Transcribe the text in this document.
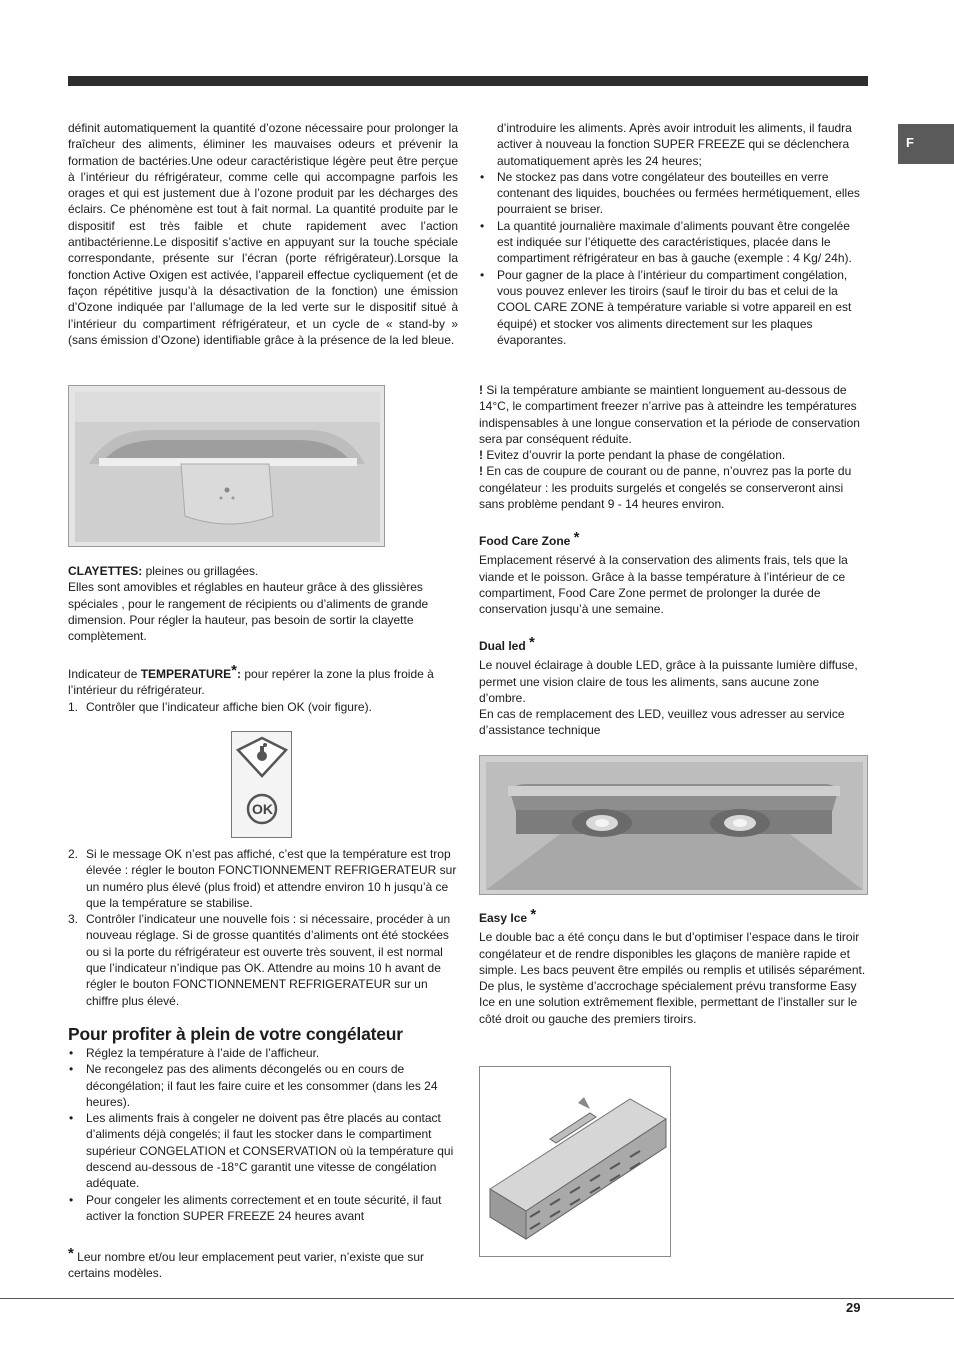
F

définit automatiquement la quantité d’ozone nécessaire pour prolonger la fraîcheur des aliments, éliminer les mauvaises odeurs et prévenir la formation de bactéries.Une odeur caractéristique légère peut être perçue à l’intérieur du réfrigérateur, comme celle qui accompagne parfois les orages et qui est justement due à l’ozone produit par les décharges des éclairs. Ce phénomène est tout à fait normal. La quantité produite par le dispositif est très faible et chute rapidement avec l’action antibactérienne.Le dispositif s’active en appuyant sur la touche spéciale correspondante, présente sur l’écran (porte réfrigérateur).Lorsque la fonction Active Oxigen est activée, l’appareil effectue cycliquement (et de façon répétitive jusqu’à la désactivation de la fonction) une émission d’Ozone indiquée par l’allumage de la led verte sur le dispositif situé à l’intérieur du compartiment réfrigérateur, et un cycle de « stand-by » (sans émission d’Ozone) identifiable grâce à la présence de la led bleue.

CLAYETTES: pleines ou grillagées.

Elles sont amovibles et réglables en hauteur grâce à des glissières spéciales , pour le rangement de récipients ou d’aliments de grande dimension. Pour régler la hauteur, pas besoin de sortir la clayette complètement.

Indicateur de TEMPERATURE*: pour repérer la zone la plus froide à l’intérieur du réfrigérateur.

1. Contrôler que l’indicateur affiche bien OK (voir figure).
OK
2. Si le message OK n’est pas affiché, c’est que la température est trop élevée : régler le bouton FONCTIONNEMENT REFRIGERATEUR sur un numéro plus élevé (plus froid) et attendre environ 10 h jusqu’à ce que la température se stabilise.
3. Contrôler l’indicateur une nouvelle fois : si nécessaire, procéder à un nouveau réglage. Si de grosse quantités d’aliments ont été stockées ou si la porte du réfrigérateur est ouverte très souvent, il est normal que l’indicateur n’indique pas OK. Attendre au moins 10 h avant de régler le bouton FONCTIONNEMENT REFRIGERATEUR sur un chiffre plus élevé.

Pour profiter à plein de votre congélateur

• Réglez la température à l’aide de l’afficheur.
• Ne recongelez pas des aliments décongelés ou en cours de décongélation; il faut les faire cuire et les consommer (dans les 24 heures).
• Les aliments frais à congeler ne doivent pas être placés au contact d’aliments déjà congelés; il faut les stocker dans le compartiment supérieur CONGELATION et CONSERVATION où la température qui descend au-dessous de -18°C garantit une vitesse de congélation adéquate.
• Pour congeler les aliments correctement et en toute sécurité, il faut activer la fonction SUPER FREEZE 24 heures avant

* Leur nombre et/ou leur emplacement peut varier, n’existe que sur certains modèles.

d’introduire les aliments. Après avoir introduit les aliments, il faudra activer à nouveau la fonction SUPER FREEZE qui se déclenchera automatiquement après les 24 heures;
• Ne stockez pas dans votre congélateur des bouteilles en verre contenant des liquides, bouchées ou fermées hermétiquement, elles pourraient se briser.
• La quantité journalière maximale d’aliments pouvant être congelée est indiquée sur l’étiquette des caractéristiques, placée dans le compartiment réfrigérateur en bas à gauche (exemple : 4 Kg/ 24h).
• Pour gagner de la place à l’intérieur du compartiment congélation, vous pouvez enlever les tiroirs (sauf le tiroir du bas et celui de la COOL CARE ZONE à température variable si votre appareil en est équipé) et stocker vos aliments directement sur les plaques évaporantes.

! Si la température ambiante se maintient longuement au-dessous de 14°C, le compartiment freezer n’arrive pas à atteindre les températures indispensables à une longue conservation et la période de conservation sera par conséquent réduite.

! Evitez d’ouvrir la porte pendant la phase de congélation.

! En cas de coupure de courant ou de panne, n’ouvrez pas la porte du congélateur : les produits surgelés et congelés se conserveront ainsi sans problème pendant 9 - 14 heures environ.

Food Care Zone *

Emplacement réservé à la conservation des aliments frais, tels que la viande et le poisson. Grâce à la basse température à l’intérieur de ce compartiment, Food Care Zone permet de prolonger la durée de conservation jusqu’à une semaine.

Dual led *

Le nouvel éclairage à double LED, grâce à la puissante lumière diffuse, permet une vision claire de tous les aliments, sans aucune zone d’ombre.

En cas de remplacement des LED, veuillez vous adresser au service d’assistance technique

Easy Ice *

Le double bac a été conçu dans le but d’optimiser l’espace dans le tiroir congélateur et de rendre disponibles les glaçons de manière rapide et simple. Les bacs peuvent être empilés ou remplis et utilisés séparément.

De plus, le système d’accrochage spécialement prévu transforme Easy Ice en une solution extrêmement flexible, permettant de l’installer sur le côté droit ou gauche des premiers tiroirs.

29
